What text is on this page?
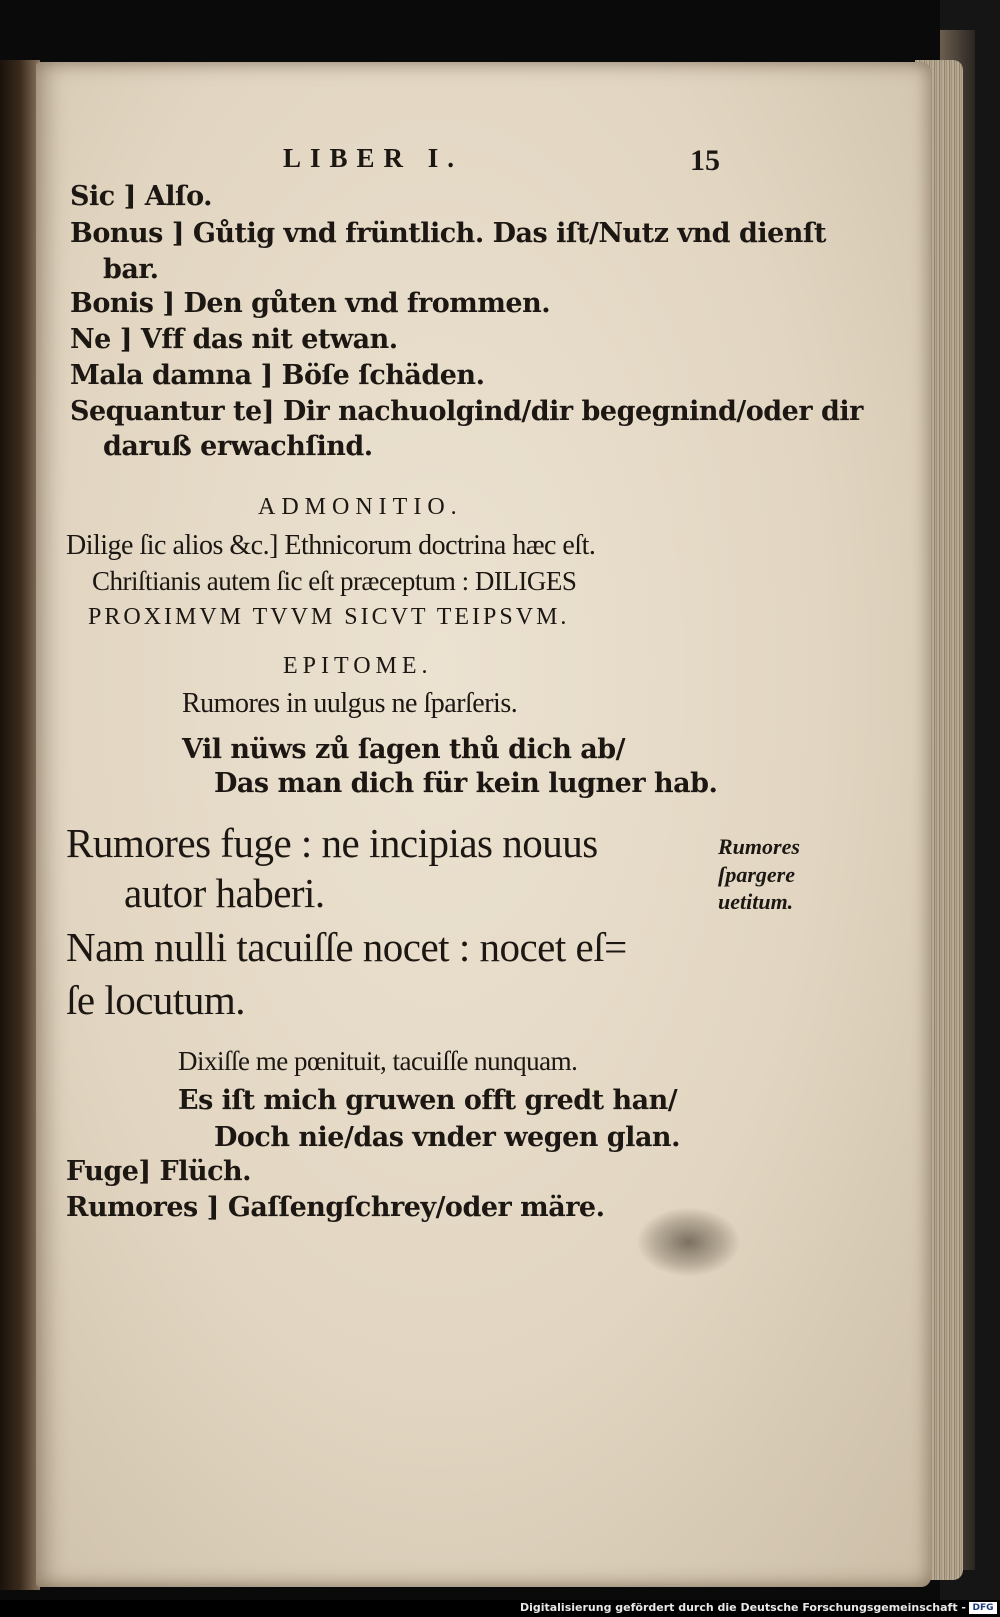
LIBER I.	15
Sic ] Alſo.
Bonus ] Gůtig vnd früntlich. Das iſt/Nutz vnd dienſt
bar.
Bonis ] Den gůten vnd frommen.
Ne ] Vff das nit etwan.
Mala damna ] Böſe ſchäden.
Sequantur te] Dir nachuolgind/dir begegnind/oder dir
daruß erwachſind.
ADMONITIO.
Dilige ſic alios &c.] Ethnicorum doctrina hæc eſt.
Chriſtianis autem ſic eſt præceptum : DILIGES
PROXIMVM TVVM SICVT TEIPSVM.
EPITOME.
Rumores in uulgus ne ſparſeris.
Vil nüws zů ſagen thů dich ab/
Das man dich für kein lugner hab.
Rumores fuge : ne incipias nouus
autor haberi.
Nam nulli tacuiſſe nocet : nocet eſ=
ſe locutum.
Rumores
ſpargere
uetitum.
Dixiſſe me pœnituit, tacuiſſe nunquam.
Es iſt mich gruwen offt gredt han/
Doch nie/das vnder wegen glan.
Fuge] Flüch.
Rumores ] Gaſſengſchrey/oder märe.
Digitalisierung gefördert durch die Deutsche Forschungsgemeinschaft - DFG
